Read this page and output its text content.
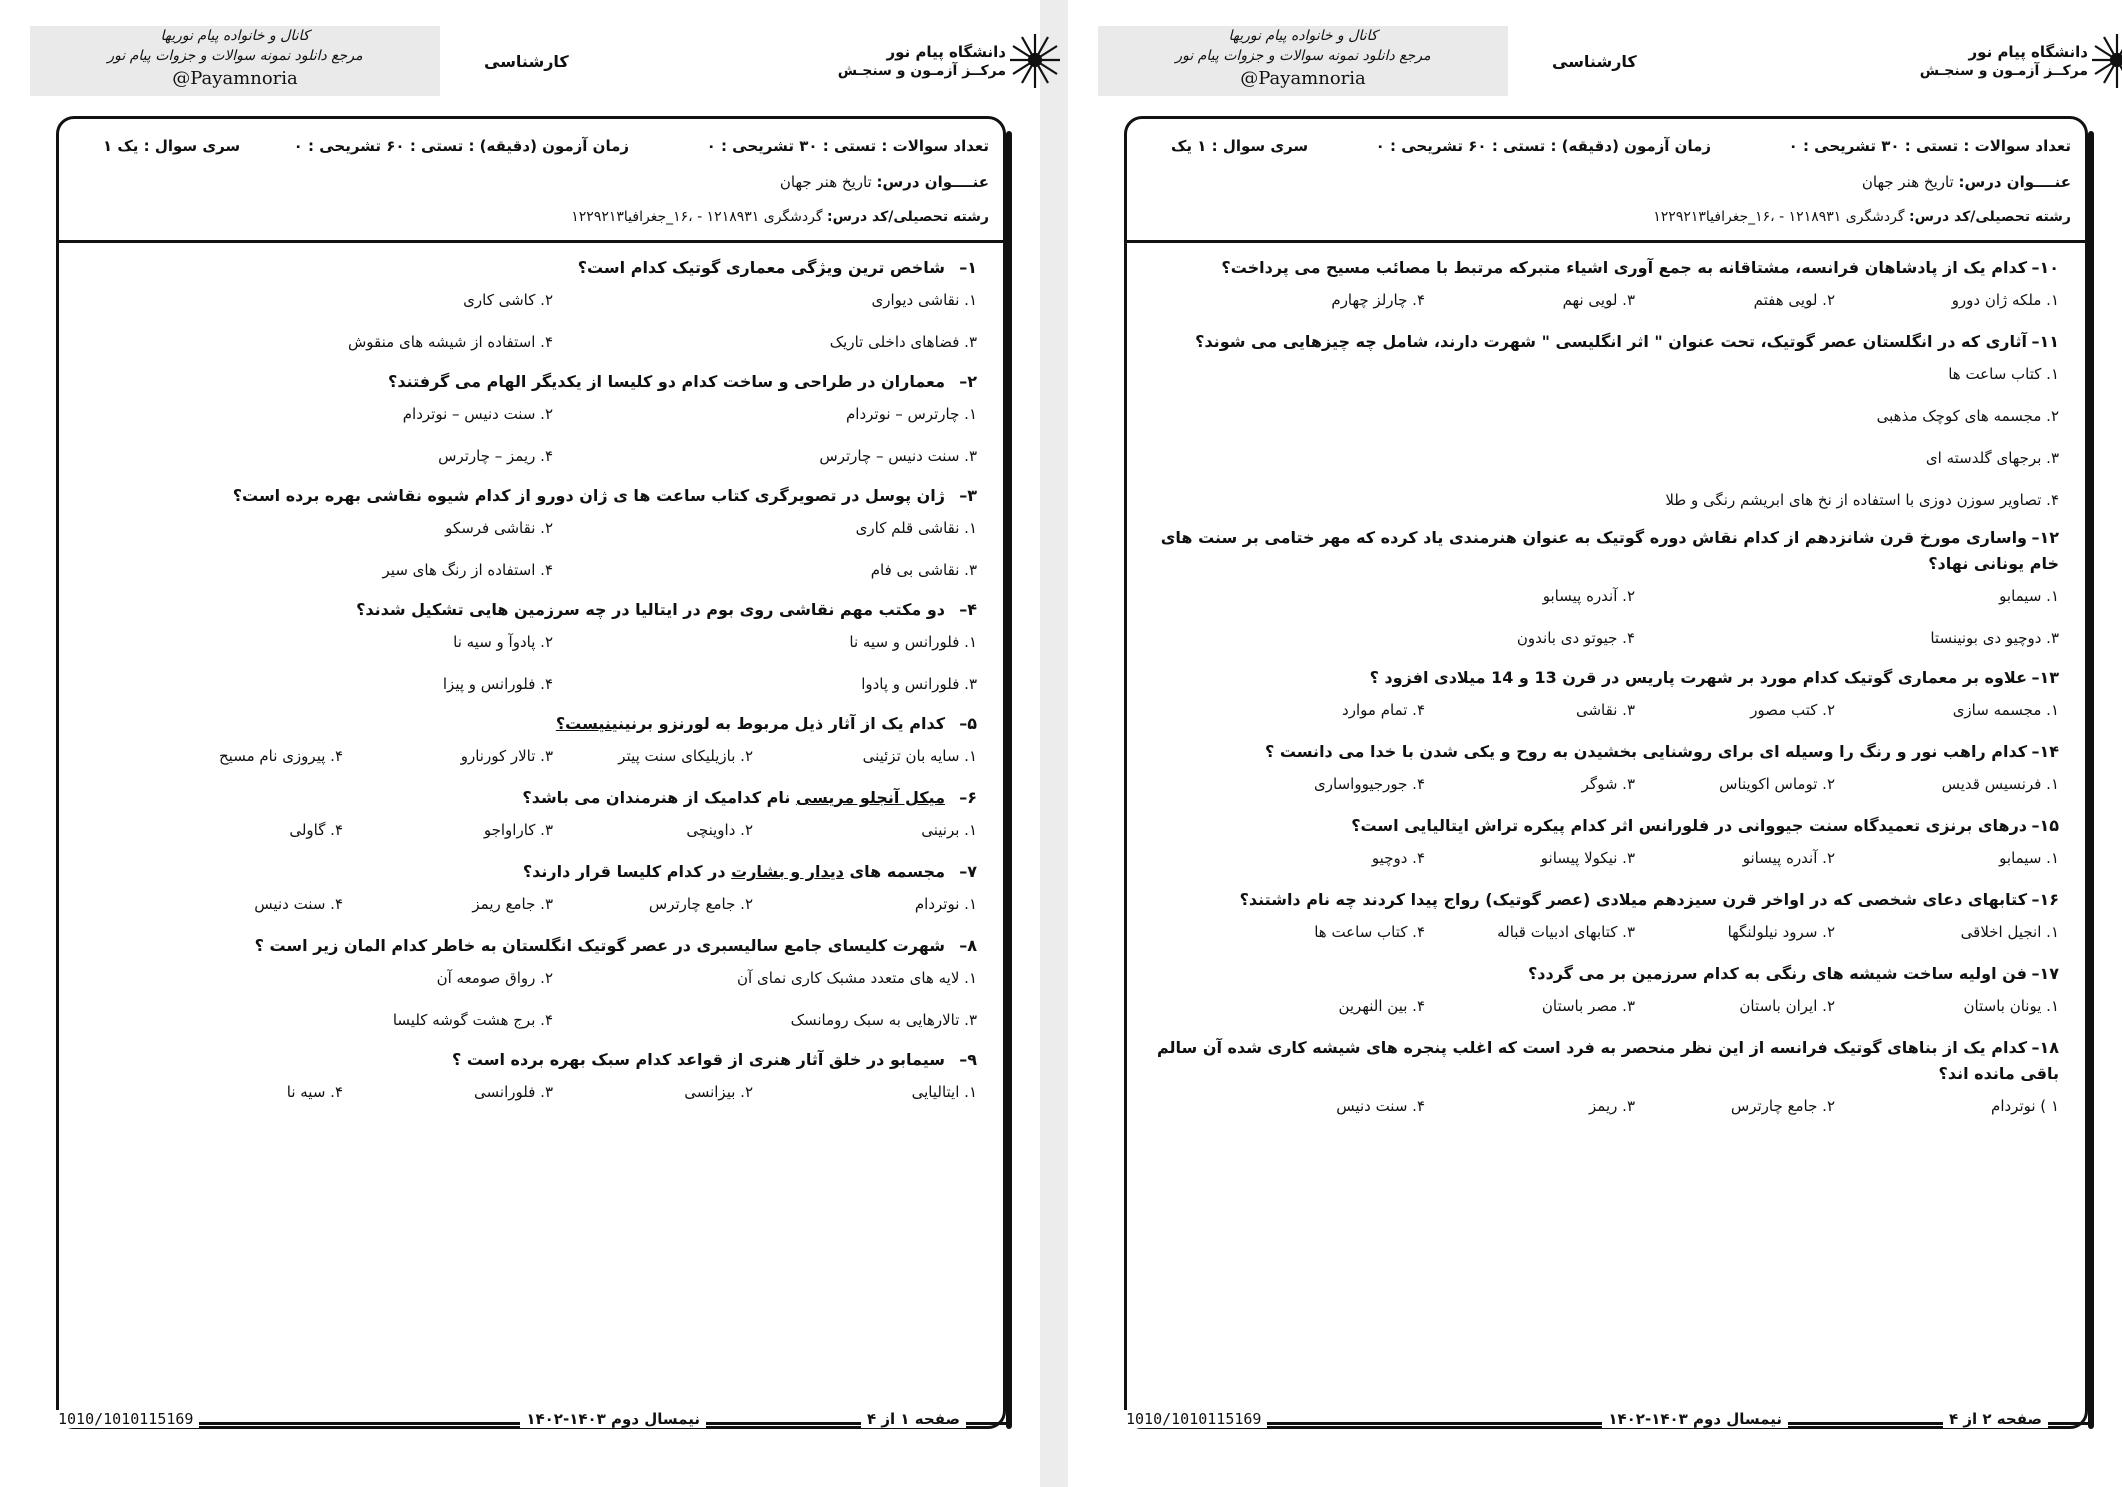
دانشگاه پیام نور
مرکــز آزمـون و سنجـش
کارشناسی
کانال و خانواده پیام نوریها
مرجع دانلود نمونه سوالات و جزوات پیام نور
@Payamnoria
تعداد سوالات : تستی : ۳۰ تشریحی : ۰
زمان آزمون (دقیقه) : تستی : ۶۰ تشریحی : ۰
سری سوال : یک ۱
عنــــوان درس: تاریخ هنر جهان
رشته تحصیلی/کد درس: گردشگری ۱۲۱۸۹۳۱ - ،۱۶_جغرافیا۱۲۲۹۲۱۳
۱–شاخص ترین ویژگی معماری گوتیک کدام است؟
۱. نقاشی دیواری
۲. کاشی کاری
۳. فضاهای داخلی تاریک
۴. استفاده از شیشه های منقوش
۲–معماران در طراحی و ساخت کدام دو کلیسا از یکدیگر الهام می گرفتند؟
۱. چارترس – نوتردام
۲. سنت دنیس – نوتردام
۳. سنت دنیس – چارترس
۴. ریمز – چارترس
۳–ژان پوسل در تصویرگری کتاب ساعت ها ی ژان دورو از کدام شیوه نقاشی بهره برده است؟
۱. نقاشی قلم کاری
۲. نقاشی فرسکو
۳. نقاشی بی فام
۴. استفاده از رنگ های سیر
۴–دو مکتب مهم نقاشی روی بوم در ایتالیا در چه سرزمین هایی تشکیل شدند؟
۱. فلورانس و سیه نا
۲. پادوآ و سیه نا
۳. فلورانس و پادوا
۴. فلورانس و پیزا
۵–کدام یک از آثار ذیل مربوط به لورنزو برنینینیست؟
۱. سایه بان تزئینی
۲. بازیلیکای سنت پیتر
۳. تالار کورنارو
۴. پیروزی نام مسیح
۶–میکل آنجلو مریسی نام کدامیک از هنرمندان می باشد؟
۱. برنینی
۲. داوینچی
۳. کاراواجو
۴. گاولی
۷–مجسمه های دیدار و بشارت در کدام کلیسا قرار دارند؟
۱. نوتردام
۲. جامع چارترس
۳. جامع ریمز
۴. سنت دنیس
۸–شهرت کلیسای جامع سالیسبری در عصر گوتیک انگلستان به خاطر کدام المان زیر است ؟
۱. لایه های متعدد مشبک کاری نمای آن
۲. رواق صومعه آن
۳. تالارهایی به سبک رومانسک
۴. برج هشت گوشه کلیسا
۹–سیمابو در خلق آثار هنری از قواعد کدام سبک بهره برده است ؟
۱. ایتالیایی
۲. بیزانسی
۳. فلورانسی
۴. سیه نا
1010/1010115169	نیمسال دوم ۱۴۰۳-۱۴۰۲	صفحه ۱ از ۴
دانشگاه پیام نور
مرکــز آزمـون و سنجـش
کارشناسی
کانال و خانواده پیام نوریها
مرجع دانلود نمونه سوالات و جزوات پیام نور
@Payamnoria
تعداد سوالات : تستی : ۳۰ تشریحی : ۰
زمان آزمون (دقیقه) : تستی : ۶۰ تشریحی : ۰
سری سوال : ۱ یک
عنــــوان درس: تاریخ هنر جهان
رشته تحصیلی/کد درس: گردشگری ۱۲۱۸۹۳۱ - ،۱۶_جغرافیا۱۲۲۹۲۱۳
۱۰–کدام یک از پادشاهان فرانسه، مشتاقانه به جمع آوری اشیاء متبرکه مرتبط با مصائب مسیح می پرداخت؟
۱. ملکه ژان دورو
۲. لویی هفتم
۳. لویی نهم
۴. چارلز چهارم
۱۱–آثاری که در انگلستان عصر گوتیک، تحت عنوان " اثر انگلیسی " شهرت دارند، شامل چه چیزهایی می شوند؟
۱. کتاب ساعت ها
۲. مجسمه های کوچک مذهبی
۳. برجهای گلدسته ای
۴. تصاویر سوزن دوزی با استفاده از نخ های ابریشم رنگی و طلا
۱۲–واساری مورخ قرن شانزدهم از کدام نقاش دوره گوتیک به عنوان هنرمندی یاد کرده که مهر ختامی بر سنت های خام یونانی نهاد؟
۱. سیمابو
۲. آندره پیسابو
۳. دوچیو دی بونینستا
۴. جیوتو دی باندون
۱۳–علاوه بر معماری گوتیک کدام مورد بر شهرت پاریس در قرن 13 و 14 میلادی افزود ؟
۱. مجسمه سازی
۲. کتب مصور
۳. نقاشی
۴. تمام موارد
۱۴–کدام راهب نور و رنگ را وسیله ای برای روشنایی بخشیدن به روح و یکی شدن با خدا می دانست ؟
۱. فرنسیس قدیس
۲. توماس اکویناس
۳. شوگر
۴. جورجیوواساری
۱۵–درهای برنزی تعمیدگاه سنت جیووانی در فلورانس اثر کدام پیکره تراش ایتالیایی است؟
۱. سیمابو
۲. آندره پیسانو
۳. نیکولا پیسانو
۴. دوچیو
۱۶–کتابهای دعای شخصی که در اواخر قرن سیزدهم میلادی (عصر گوتیک) رواج پیدا کردند چه نام داشتند؟
۱. انجیل اخلاقی
۲. سرود نیلولنگها
۳. کتابهای ادبیات قباله
۴. کتاب ساعت ها
۱۷–فن اولیه ساخت شیشه های رنگی به کدام سرزمین بر می گردد؟
۱. یونان باستان
۲. ایران باستان
۳. مصر باستان
۴. بین النهرین
۱۸–کدام یک از بناهای گوتیک فرانسه از این نظر منحصر به فرد است که اغلب پنجره های شیشه کاری شده آن سالم باقی مانده اند؟
۱ ) نوتردام
۲. جامع چارترس
۳. ریمز
۴. سنت دنیس
1010/1010115169	نیمسال دوم ۱۴۰۳-۱۴۰۲	صفحه ۲ از ۴
